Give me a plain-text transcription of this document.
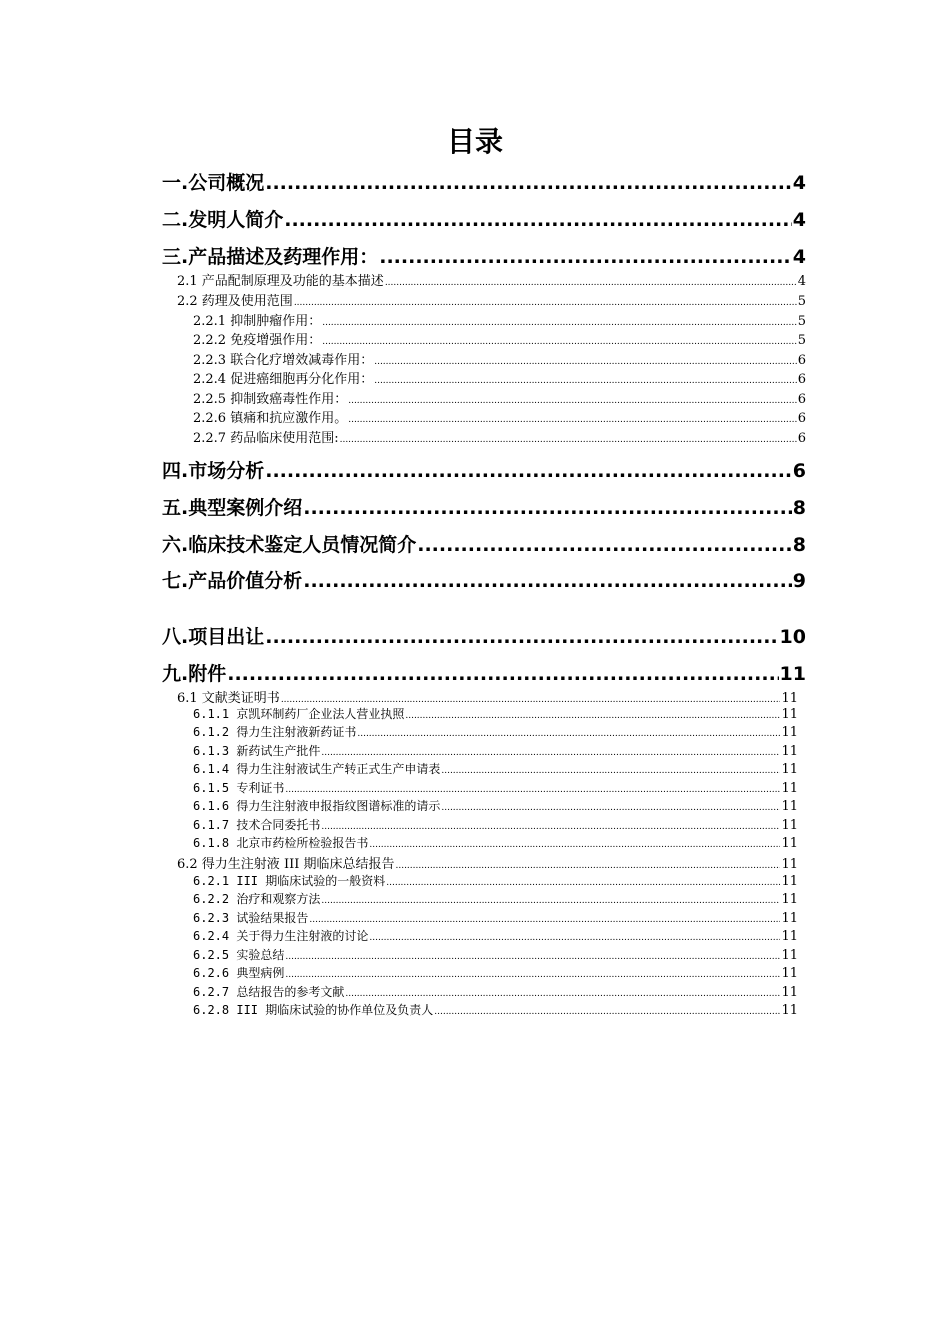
目录
一. 公司概况 .....	4
二. 发明人简介 .....	4
三. 产品描述及药理作用： .....	4
2.1 产品配制原理及功能的基本描述 .....	4
2.2 药理及使用范围 .....	5
2.2.1 抑制肿瘤作用： .....	5
2.2.2 免疫增强作用： .....	5
2.2.3 联合化疗增效减毒作用： .....	6
2.2.4 促进癌细胞再分化作用： .....	6
2.2.5 抑制致癌毒性作用： .....	6
2.2.6 镇痛和抗应激作用。 .....	6
2.2.7 药品临床使用范围: .....	6
四. 市场分析 .....	6
五. 典型案例介绍 .....	8
六. 临床技术鉴定人员情况简介 .....	8
七. 产品价值分析 .....	9
八. 项目出让 .....	10
九. 附件 .....	11
6.1 文献类证明书 .....	11
6.1.1 京凯环制药厂企业法人营业执照 .....	11
6.1.2 得力生注射液新药证书 .....	11
6.1.3 新药试生产批件 .....	11
6.1.4 得力生注射液试生产转正式生产申请表 .....	11
6.1.5 专利证书 .....	11
6.1.6 得力生注射液申报指纹图谱标准的请示 .....	11
6.1.7 技术合同委托书 .....	11
6.1.8 北京市药检所检验报告书 .....	11
6.2 得力生注射液 III 期临床总结报告 .....	11
6.2.1 III 期临床试验的一般资料 .....	11
6.2.2 治疗和观察方法 .....	11
6.2.3 试验结果报告 .....	11
6.2.4 关于得力生注射液的讨论 .....	11
6.2.5 实验总结 .....	11
6.2.6 典型病例 .....	11
6.2.7 总结报告的参考文献 .....	11
6.2.8 III 期临床试验的协作单位及负责人 .....	11
